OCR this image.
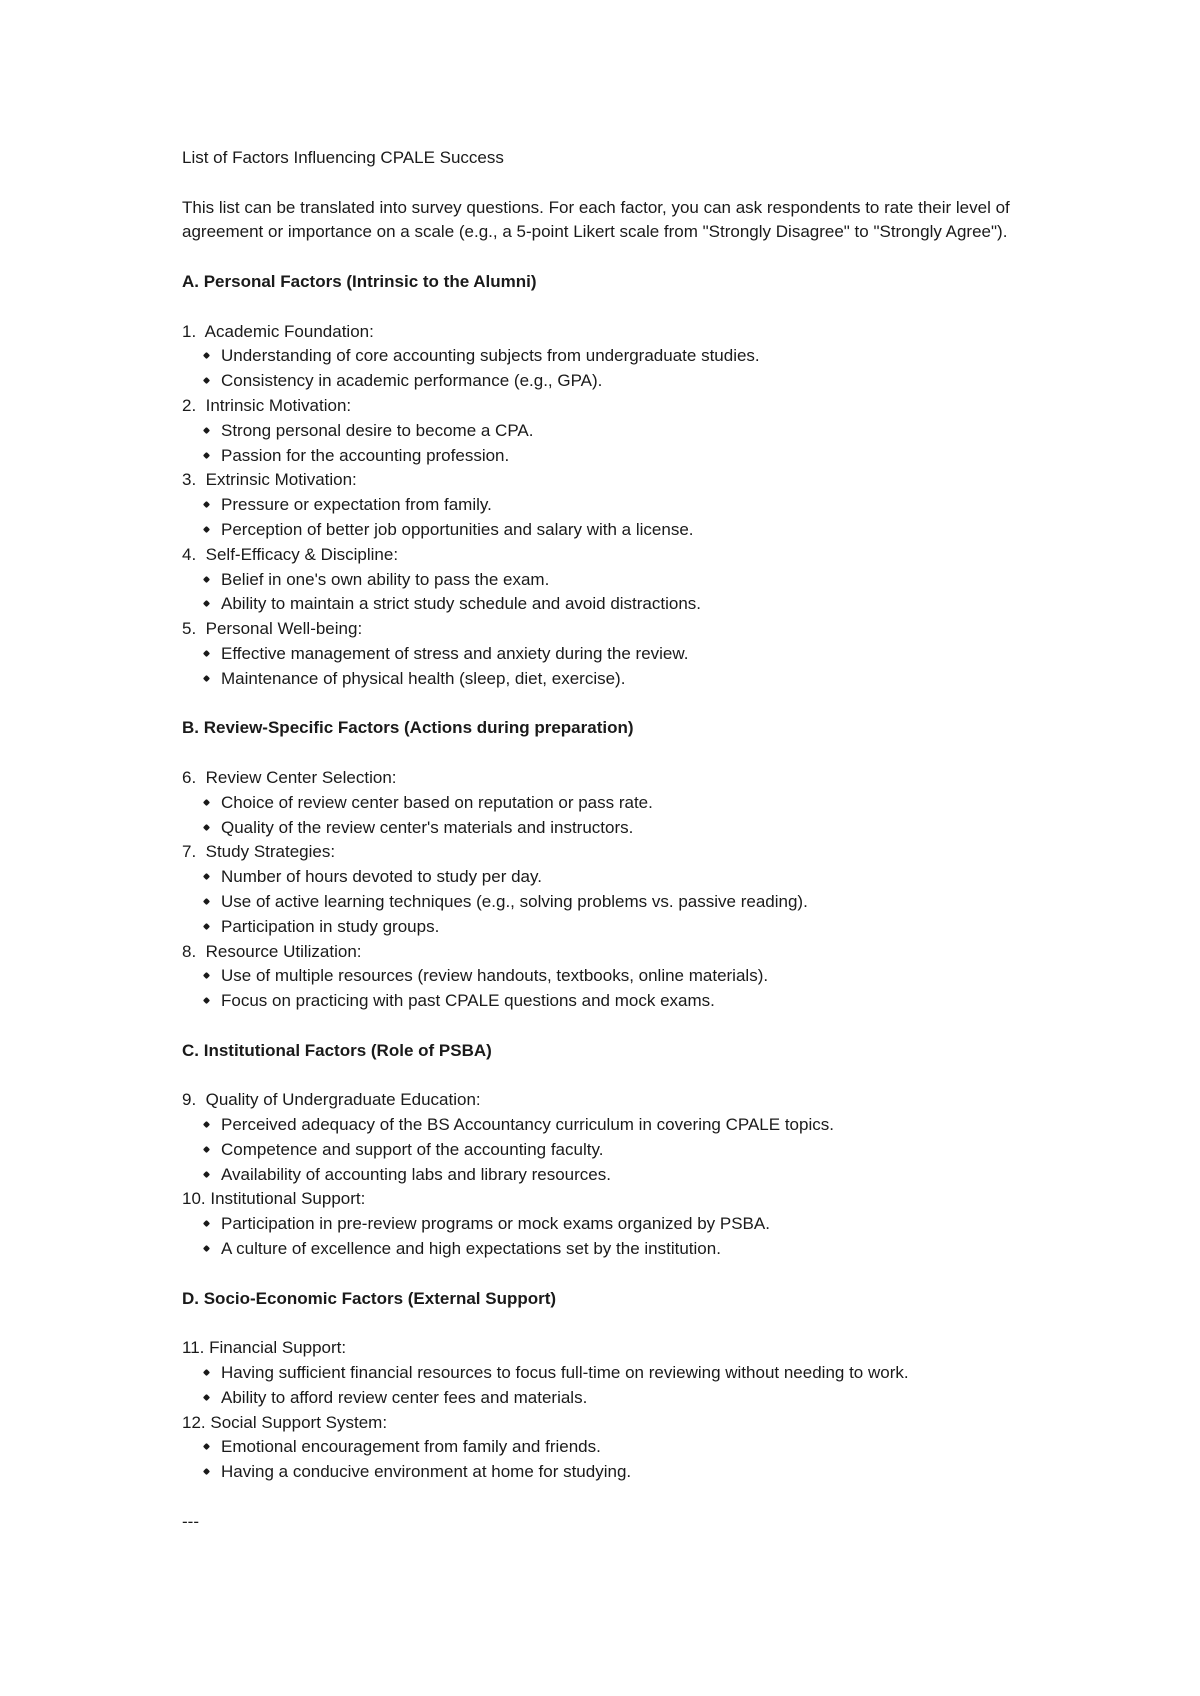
List of Factors Influencing CPALE Success

This list can be translated into survey questions. For each factor, you can ask respondents to rate their level of agreement or importance on a scale (e.g., a 5-point Likert scale from "Strongly Disagree" to "Strongly Agree").

A. Personal Factors (Intrinsic to the Alumni)

1.  Academic Foundation:
Understanding of core accounting subjects from undergraduate studies.
Consistency in academic performance (e.g., GPA).
2.  Intrinsic Motivation:
Strong personal desire to become a CPA.
Passion for the accounting profession.
3.  Extrinsic Motivation:
Pressure or expectation from family.
Perception of better job opportunities and salary with a license.
4.  Self-Efficacy & Discipline:
Belief in one's own ability to pass the exam.
Ability to maintain a strict study schedule and avoid distractions.
5.  Personal Well-being:
Effective management of stress and anxiety during the review.
Maintenance of physical health (sleep, diet, exercise).

B. Review-Specific Factors (Actions during preparation)

6.  Review Center Selection:
Choice of review center based on reputation or pass rate.
Quality of the review center's materials and instructors.
7.  Study Strategies:
Number of hours devoted to study per day.
Use of active learning techniques (e.g., solving problems vs. passive reading).
Participation in study groups.
8.  Resource Utilization:
Use of multiple resources (review handouts, textbooks, online materials).
Focus on practicing with past CPALE questions and mock exams.

C. Institutional Factors (Role of PSBA)

9.  Quality of Undergraduate Education:
Perceived adequacy of the BS Accountancy curriculum in covering CPALE topics.
Competence and support of the accounting faculty.
Availability of accounting labs and library resources.
10. Institutional Support:
Participation in pre-review programs or mock exams organized by PSBA.
A culture of excellence and high expectations set by the institution.

D. Socio-Economic Factors (External Support)

11. Financial Support:
Having sufficient financial resources to focus full-time on reviewing without needing to work.
Ability to afford review center fees and materials.
12. Social Support System:
Emotional encouragement from family and friends.
Having a conducive environment at home for studying.

---
